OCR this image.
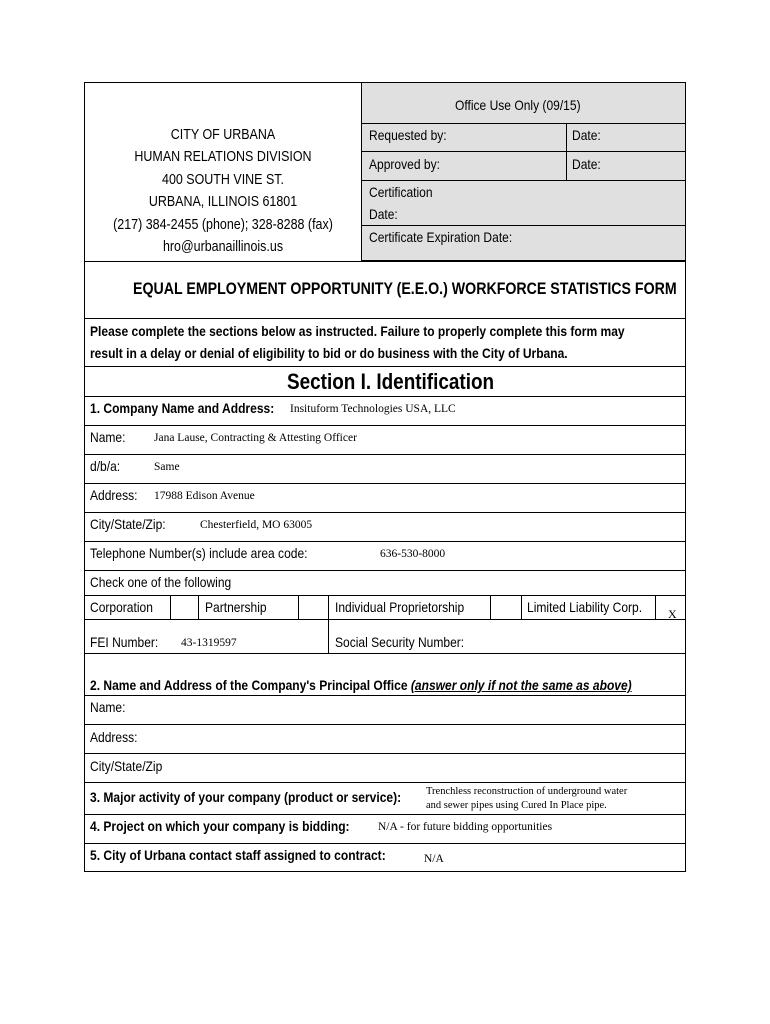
CITY OF URBANA
HUMAN RELATIONS DIVISION
400 SOUTH VINE ST.
URBANA, ILLINOIS 61801
(217) 384-2455 (phone); 328-8288 (fax)
hro@urbanaillinois.us
Office Use Only (09/15)
Requested by:	Date:
Approved by:	Date:
Certification
Date:
Certificate Expiration Date:
EQUAL EMPLOYMENT OPPORTUNITY (E.E.O.) WORKFORCE STATISTICS FORM
Please complete the sections below as instructed. Failure to properly complete this form may
result in a delay or denial of eligibility to bid or do business with the City of Urbana.
Section I. Identification
1. Company Name and Address: Insituform Technologies USA, LLC
Name: Jana Lause, Contracting & Attesting Officer
d/b/a:	Same
Address: 17988 Edison Avenue
City/State/Zip:	Chesterfield, MO 63005
Telephone Number(s) include area code:	636-530-8000
Check one of the following
Corporation	Partnership	Individual Proprietorship	Limited Liability Corp. X
FEI Number: 43-1319597	Social Security Number:
2. Name and Address of the Company's Principal Office (answer only if not the same as above)
Name:
Address:
City/State/Zip
3. Major activity of your company (product or service): Trenchless reconstruction of underground water
and sewer pipes using Cured In Place pipe.
4. Project on which your company is bidding: N/A - for future bidding opportunities
5. City of Urbana contact staff assigned to contract:	N/A
